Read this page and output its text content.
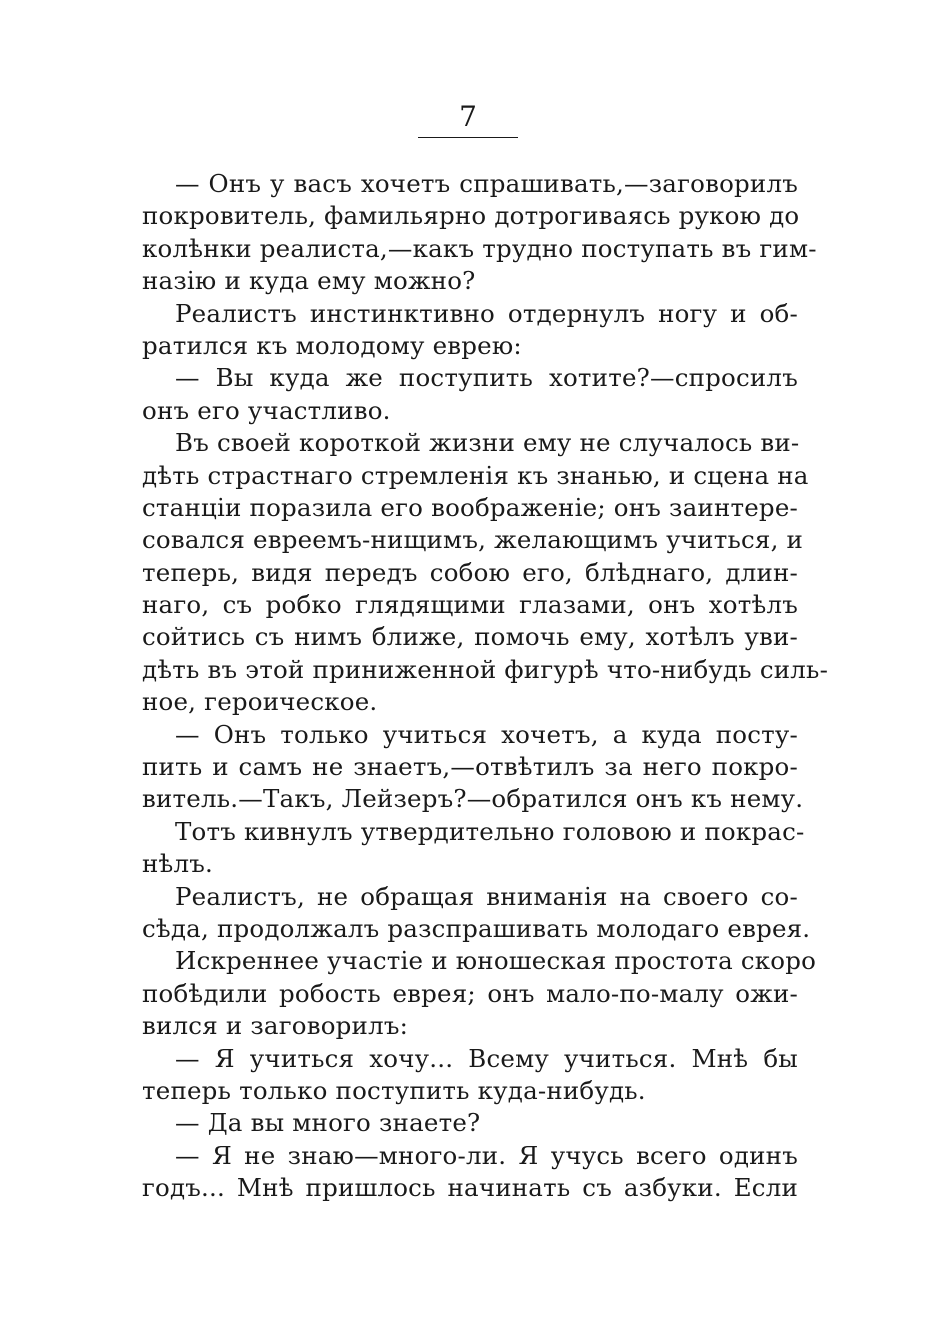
7
— Онъ у васъ хочетъ спрашивать,—заговорилъ
покровитель, фамильярно дотрогиваясь рукою до
колѣнки реалиста,—какъ трудно поступать въ гим-
назію и куда ему можно?
Реалистъ инстинктивно отдернулъ ногу и об-
ратился къ молодому еврею:
— Вы куда же поступить хотите?—спросилъ
онъ его участливо.
Въ своей короткой жизни ему не случалось ви-
дѣть страстнаго стремленія къ знанью, и сцена на
станціи поразила его воображеніе; онъ заинтере-
совался евреемъ-нищимъ, желающимъ учиться, и
теперь, видя передъ собою его, блѣднаго, длин-
наго, съ робко глядящими глазами, онъ хотѣлъ
сойтись съ нимъ ближе, помочь ему, хотѣлъ уви-
дѣть въ этой приниженной фигурѣ что-нибудь силь-
ное, героическое.
— Онъ только учиться хочетъ, а куда посту-
пить и самъ не знаетъ,—отвѣтилъ за него покро-
витель.—Такъ, Лейзеръ?—обратился онъ къ нему.
Тотъ кивнулъ утвердительно головою и покрас-
нѣлъ.
Реалистъ, не обращая вниманія на своего со-
сѣда, продолжалъ разспрашивать молодаго еврея.
Искреннее участіе и юношеская простота скоро
побѣдили робость еврея; онъ мало-по-малу ожи-
вился и заговорилъ:
— Я учиться хочу... Всему учиться. Мнѣ бы
теперь только поступить куда-нибудь.
— Да вы много знаете?
— Я не знаю—много-ли. Я учусь всего одинъ
годъ... Мнѣ пришлось начинать съ азбуки. Если
